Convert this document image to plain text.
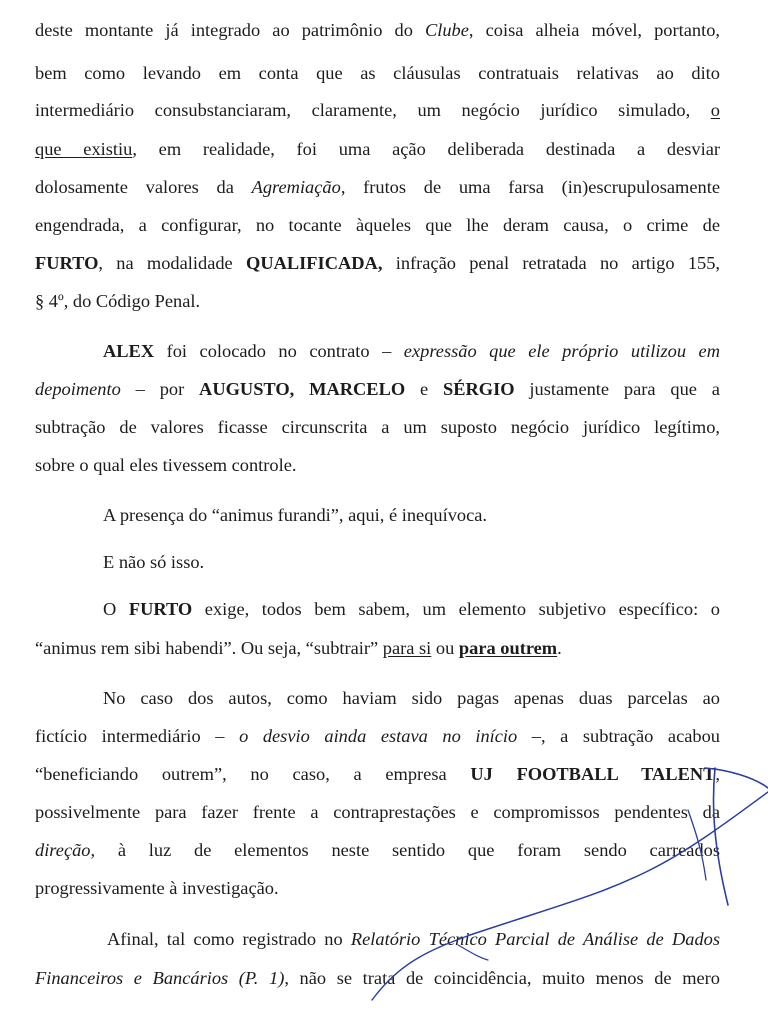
deste montante já integrado ao patrimônio do Clube, coisa alheia móvel, portanto,
bem como levando em conta que as cláusulas contratuais relativas ao dito
intermediário consubstanciaram, claramente, um negócio jurídico simulado, o
que existiu, em realidade, foi uma ação deliberada destinada a desviar
dolosamente valores da Agremiação, frutos de uma farsa (in)escrupulosamente
engendrada, a configurar, no tocante àqueles que lhe deram causa, o crime de
FURTO, na modalidade QUALIFICADA, infração penal retratada no artigo 155,
§ 4º, do Código Penal.
ALEX foi colocado no contrato – expressão que ele próprio utilizou em
depoimento – por AUGUSTO, MARCELO e SÉRGIO justamente para que a
subtração de valores ficasse circunscrita a um suposto negócio jurídico legítimo,
sobre o qual eles tivessem controle.
A presença do “animus furandi”, aqui, é inequívoca.
E não só isso.
O FURTO exige, todos bem sabem, um elemento subjetivo específico: o
“animus rem sibi habendi”. Ou seja, “subtrair” para si ou para outrem.
No caso dos autos, como haviam sido pagas apenas duas parcelas ao
fictício intermediário – o desvio ainda estava no início –, a subtração acabou
“beneficiando outrem”, no caso, a empresa UJ FOOTBALL TALENT,
possivelmente para fazer frente a contraprestações e compromissos pendentes da
direção, à luz de elementos neste sentido que foram sendo carreados
progressivamente à investigação.
Afinal, tal como registrado no Relatório Técnico Parcial de Análise de Dados
Financeiros e Bancários (P. 1), não se trata de coincidência, muito menos de mero
